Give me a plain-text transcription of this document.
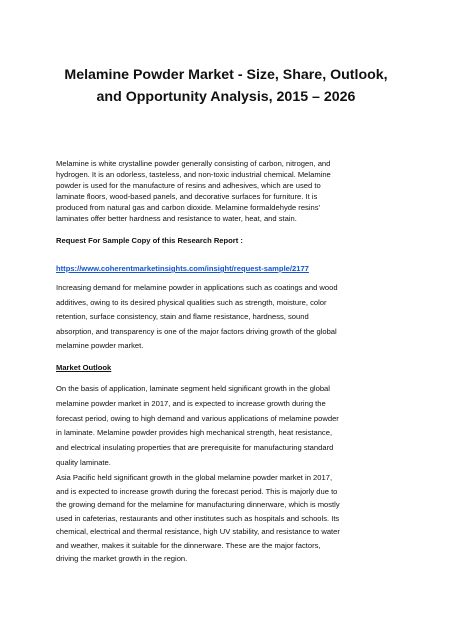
Melamine Powder Market - Size, Share, Outlook, and Opportunity Analysis, 2015 – 2026

Melamine is white crystalline powder generally consisting of carbon, nitrogen, and
hydrogen. It is an odorless, tasteless, and non-toxic industrial chemical. Melamine
powder is used for the manufacture of resins and adhesives, which are used to
laminate floors, wood-based panels, and decorative surfaces for furniture. It is
produced from natural gas and carbon dioxide. Melamine formaldehyde resins'
laminates offer better hardness and resistance to water, heat, and stain.

Request For Sample Copy of this Research Report :

https://www.coherentmarketinsights.com/insight/request-sample/2177

Increasing demand for melamine powder in applications such as coatings and wood
additives, owing to its desired physical qualities such as strength, moisture, color
retention, surface consistency, stain and flame resistance, hardness, sound
absorption, and transparency is one of the major factors driving growth of the global
melamine powder market.

Market Outlook

On the basis of application, laminate segment held significant growth in the global
melamine powder market in 2017, and is expected to increase growth during the
forecast period, owing to high demand and various applications of melamine powder
in laminate. Melamine powder provides high mechanical strength, heat resistance,
and electrical insulating properties that are prerequisite for manufacturing standard
quality laminate.

Asia Pacific held significant growth in the global melamine powder market in 2017,
and is expected to increase growth during the forecast period. This is majorly due to
the growing demand for the melamine for manufacturing dinnerware, which is mostly
used in cafeterias, restaurants and other institutes such as hospitals and schools. Its
chemical, electrical and thermal resistance, high UV stability, and resistance to water
and weather, makes it suitable for the dinnerware. These are the major factors,
driving the market growth in the region.
